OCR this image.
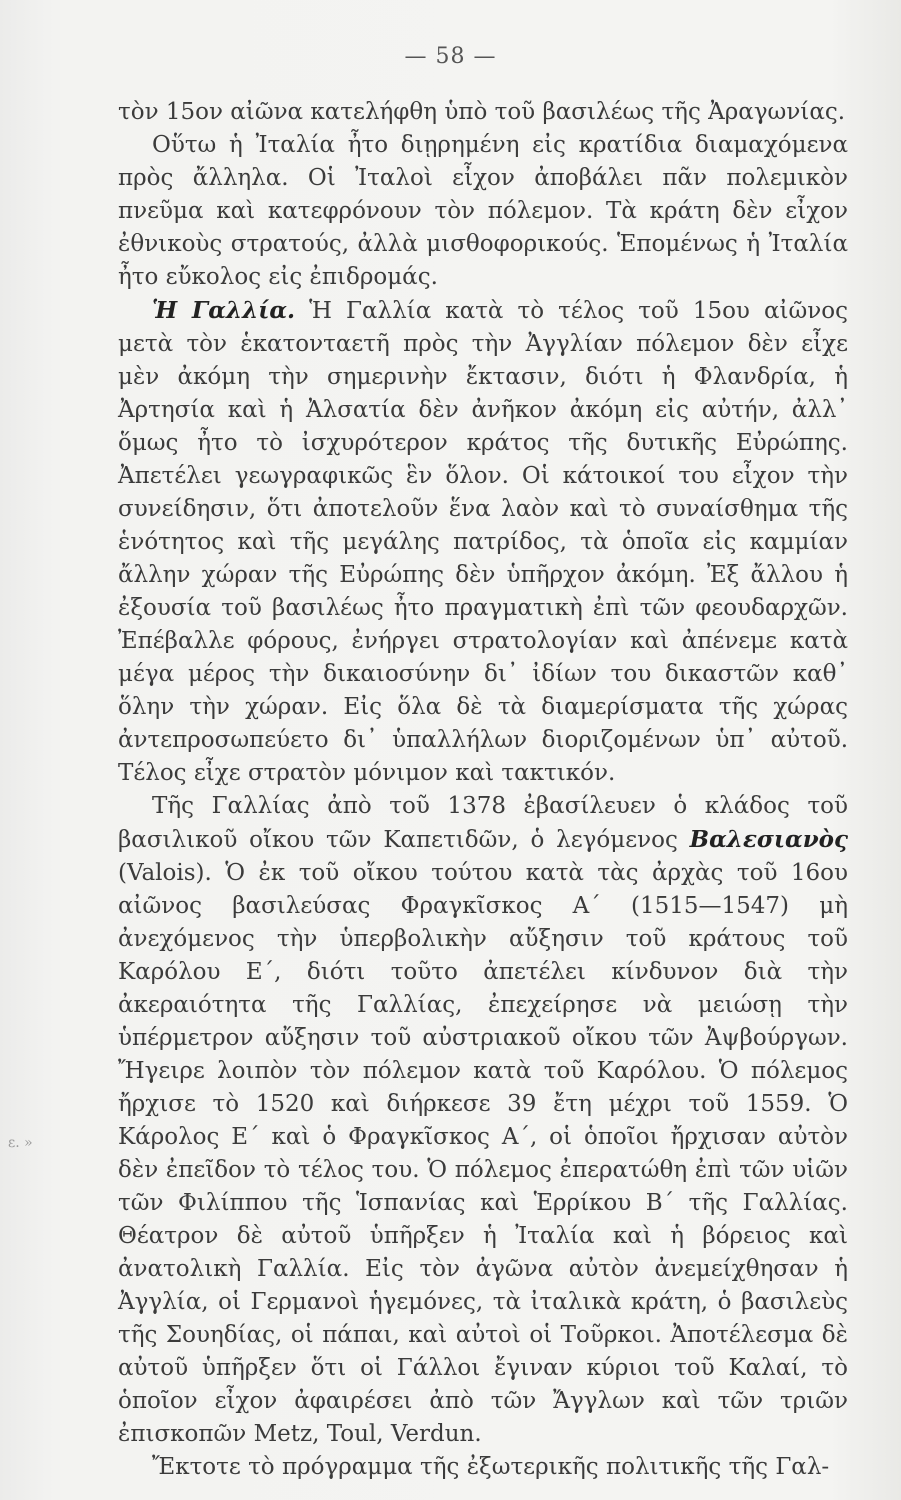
— 58 —
ε. »

τὸν 15ον αἰῶνα κατελήφθη ὑπὸ τοῦ βασιλέως τῆς Ἀραγωνίας.

Οὕτω ἡ Ἰταλία ἦτο διῃρημένη εἰς κρατίδια διαμαχόμενα πρὸς ἄλληλα. Οἱ Ἰταλοὶ εἶχον ἀποβάλει πᾶν πολεμικὸν πνεῦμα καὶ κατεφρόνουν τὸν πόλεμον. Τὰ κράτη δὲν εἶχον ἐθνικοὺς στρατούς, ἀλλὰ μισθοφορικούς. Ἑπομένως ἡ Ἰταλία ἦτο εὔκολος εἰς ἐπιδρομάς.

Ἡ Γαλλία. Ἡ Γαλλία κατὰ τὸ τέλος τοῦ 15ου αἰῶνος μετὰ τὸν ἑκατονταετῆ πρὸς τὴν Ἀγγλίαν πόλεμον δὲν εἶχε μὲν ἀκόμη τὴν σημερινὴν ἔκτασιν, διότι ἡ Φλανδρία, ἡ Ἀρτησία καὶ ἡ Ἀλσατία δὲν ἀνῆκον ἀκόμη εἰς αὐτήν, ἀλλ᾽ ὅμως ἦτο τὸ ἰσχυρότερον κράτος τῆς δυτικῆς Εὐρώπης. Ἀπετέλει γεωγραφικῶς ἓν ὅλον. Οἱ κάτοικοί του εἶχον τὴν συνείδησιν, ὅτι ἀποτελοῦν ἕνα λαὸν καὶ τὸ συναίσθημα τῆς ἑνότητος καὶ τῆς μεγάλης πατρίδος, τὰ ὁποῖα εἰς καμμίαν ἄλλην χώραν τῆς Εὐρώπης δὲν ὑπῆρχον ἀκόμη. Ἐξ ἄλλου ἡ ἐξουσία τοῦ βασιλέως ἦτο πραγματικὴ ἐπὶ τῶν φεουδαρχῶν. Ἐπέβαλλε φόρους, ἐνήργει στρατολογίαν καὶ ἀπένεμε κατὰ μέγα μέρος τὴν δικαιοσύνην δι᾽ ἰδίων του δικαστῶν καθ᾽ ὅλην τὴν χώραν. Εἰς ὅλα δὲ τὰ διαμερίσματα τῆς χώρας ἀντεπροσωπεύετο δι᾽ ὑπαλλήλων διοριζομένων ὑπ᾽ αὐτοῦ. Τέλος εἶχε στρατὸν μόνιμον καὶ τακτικόν.

Τῆς Γαλλίας ἀπὸ τοῦ 1378 ἐβασίλευεν ὁ κλάδος τοῦ βασιλικοῦ οἴκου τῶν Καπετιδῶν, ὁ λεγόμενος Βαλεσιανὸς (Valois). Ὁ ἐκ τοῦ οἴκου τούτου κατὰ τὰς ἀρχὰς τοῦ 16ου αἰῶνος βασιλεύσας Φραγκῖσκος Α΄ (1515—1547) μὴ ἀνεχόμενος τὴν ὑπερβολικὴν αὔξησιν τοῦ κράτους τοῦ Καρόλου Ε΄, διότι τοῦτο ἀπετέλει κίνδυνον διὰ τὴν ἀκεραιότητα τῆς Γαλλίας, ἐπεχείρησε νὰ μειώσῃ τὴν ὑπέρμετρον αὔξησιν τοῦ αὐστριακοῦ οἴκου τῶν Ἀψβούργων. Ἤγειρε λοιπὸν τὸν πόλεμον κατὰ τοῦ Καρόλου. Ὁ πόλεμος ἤρχισε τὸ 1520 καὶ διήρκεσε 39 ἔτη μέχρι τοῦ 1559. Ὁ Κάρολος Ε΄ καὶ ὁ Φραγκῖσκος Α΄, οἱ ὁποῖοι ἤρχισαν αὐτὸν δὲν ἐπεῖδον τὸ τέλος του. Ὁ πόλεμος ἐπερατώθη ἐπὶ τῶν υἱῶν τῶν Φιλίππου τῆς Ἱσπανίας καὶ Ἑρρίκου Β΄ τῆς Γαλλίας. Θέατρον δὲ αὐτοῦ ὑπῆρξεν ἡ Ἰταλία καὶ ἡ βόρειος καὶ ἀνατολικὴ Γαλλία. Εἰς τὸν ἀγῶνα αὐτὸν ἀνεμείχθησαν ἡ Ἀγγλία, οἱ Γερμανοὶ ἡγεμόνες, τὰ ἰταλικὰ κράτη, ὁ βασιλεὺς τῆς Σουηδίας, οἱ πάπαι, καὶ αὐτοὶ οἱ Τοῦρκοι. Ἀποτέλεσμα δὲ αὐτοῦ ὑπῆρξεν ὅτι οἱ Γάλλοι ἔγιναν κύριοι τοῦ Καλαί, τὸ ὁποῖον εἶχον ἀφαιρέσει ἀπὸ τῶν Ἄγγλων καὶ τῶν τριῶν ἐπισκοπῶν Metz, Toul, Verdun.

Ἔκτοτε τὸ πρόγραμμα τῆς ἐξωτερικῆς πολιτικῆς τῆς Γαλ-
